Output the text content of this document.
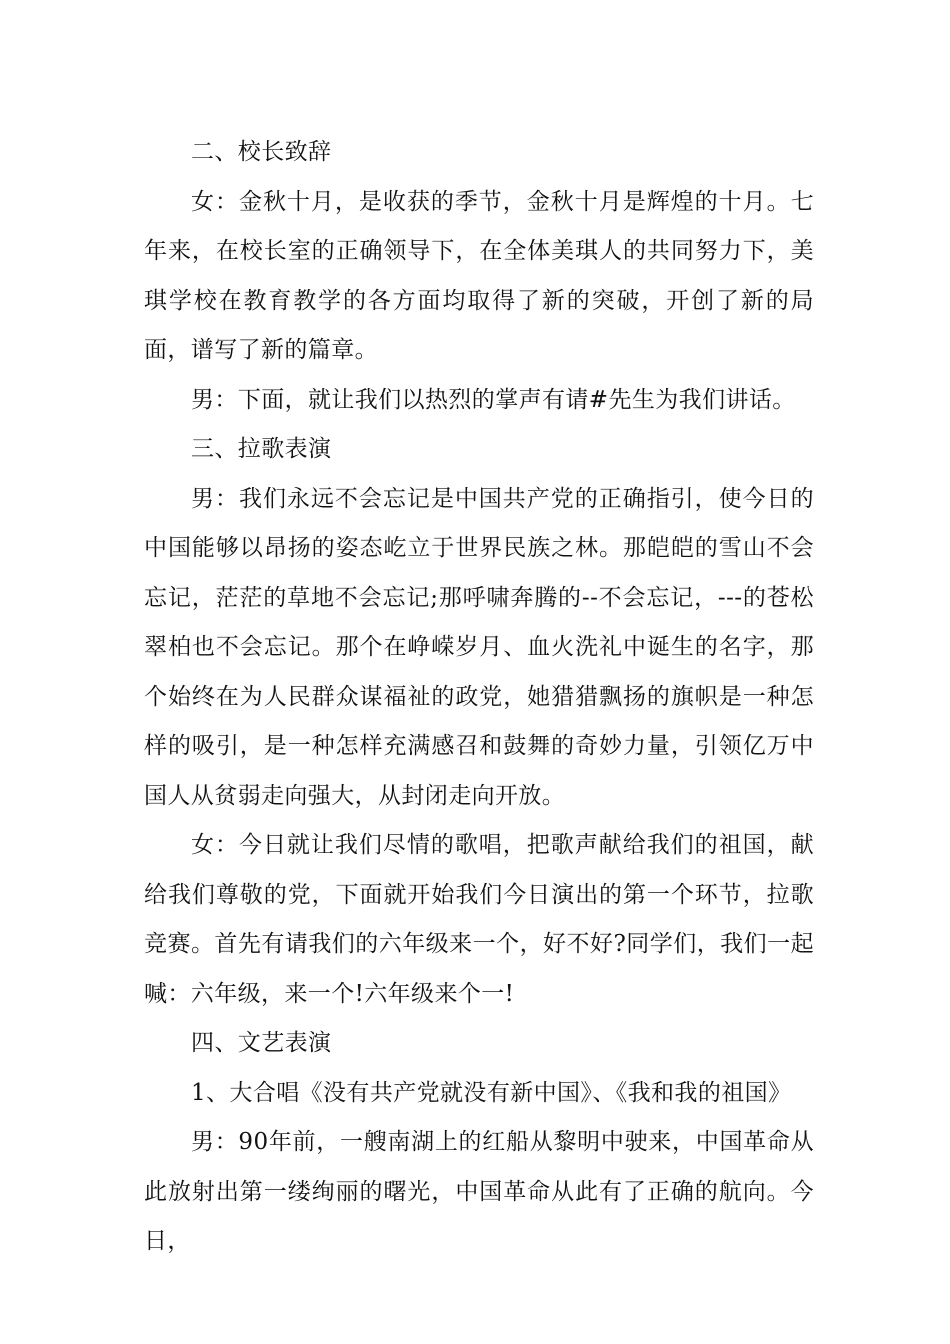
二、校长致辞

女：金秋十月，是收获的季节，金秋十月是辉煌的十月。七年来，在校长室的正确领导下，在全体美琪人的共同努力下，美琪学校在教育教学的各方面均取得了新的突破，开创了新的局面，谱写了新的篇章。

男：下面，就让我们以热烈的掌声有请#先生为我们讲话。

三、拉歌表演

男：我们永远不会忘记是中国共产党的正确指引，使今日的中国能够以昂扬的姿态屹立于世界民族之林。那皑皑的雪山不会忘记，茫茫的草地不会忘记;那呼啸奔腾的--不会忘记，---的苍松翠柏也不会忘记。那个在峥嵘岁月、血火洗礼中诞生的名字，那个始终在为人民群众谋福祉的政党，她猎猎飘扬的旗帜是一种怎样的吸引，是一种怎样充满感召和鼓舞的奇妙力量，引领亿万中国人从贫弱走向强大，从封闭走向开放。

女：今日就让我们尽情的歌唱，把歌声献给我们的祖国，献给我们尊敬的党，下面就开始我们今日演出的第一个环节，拉歌竞赛。首先有请我们的六年级来一个，好不好?同学们，我们一起喊：六年级，来一个!六年级来个一!

四、文艺表演

1、大合唱《没有共产党就没有新中国》、《我和我的祖国》

男：90年前，一艘南湖上的红船从黎明中驶来，中国革命从此放射出第一缕绚丽的曙光，中国革命从此有了正确的航向。今日，
